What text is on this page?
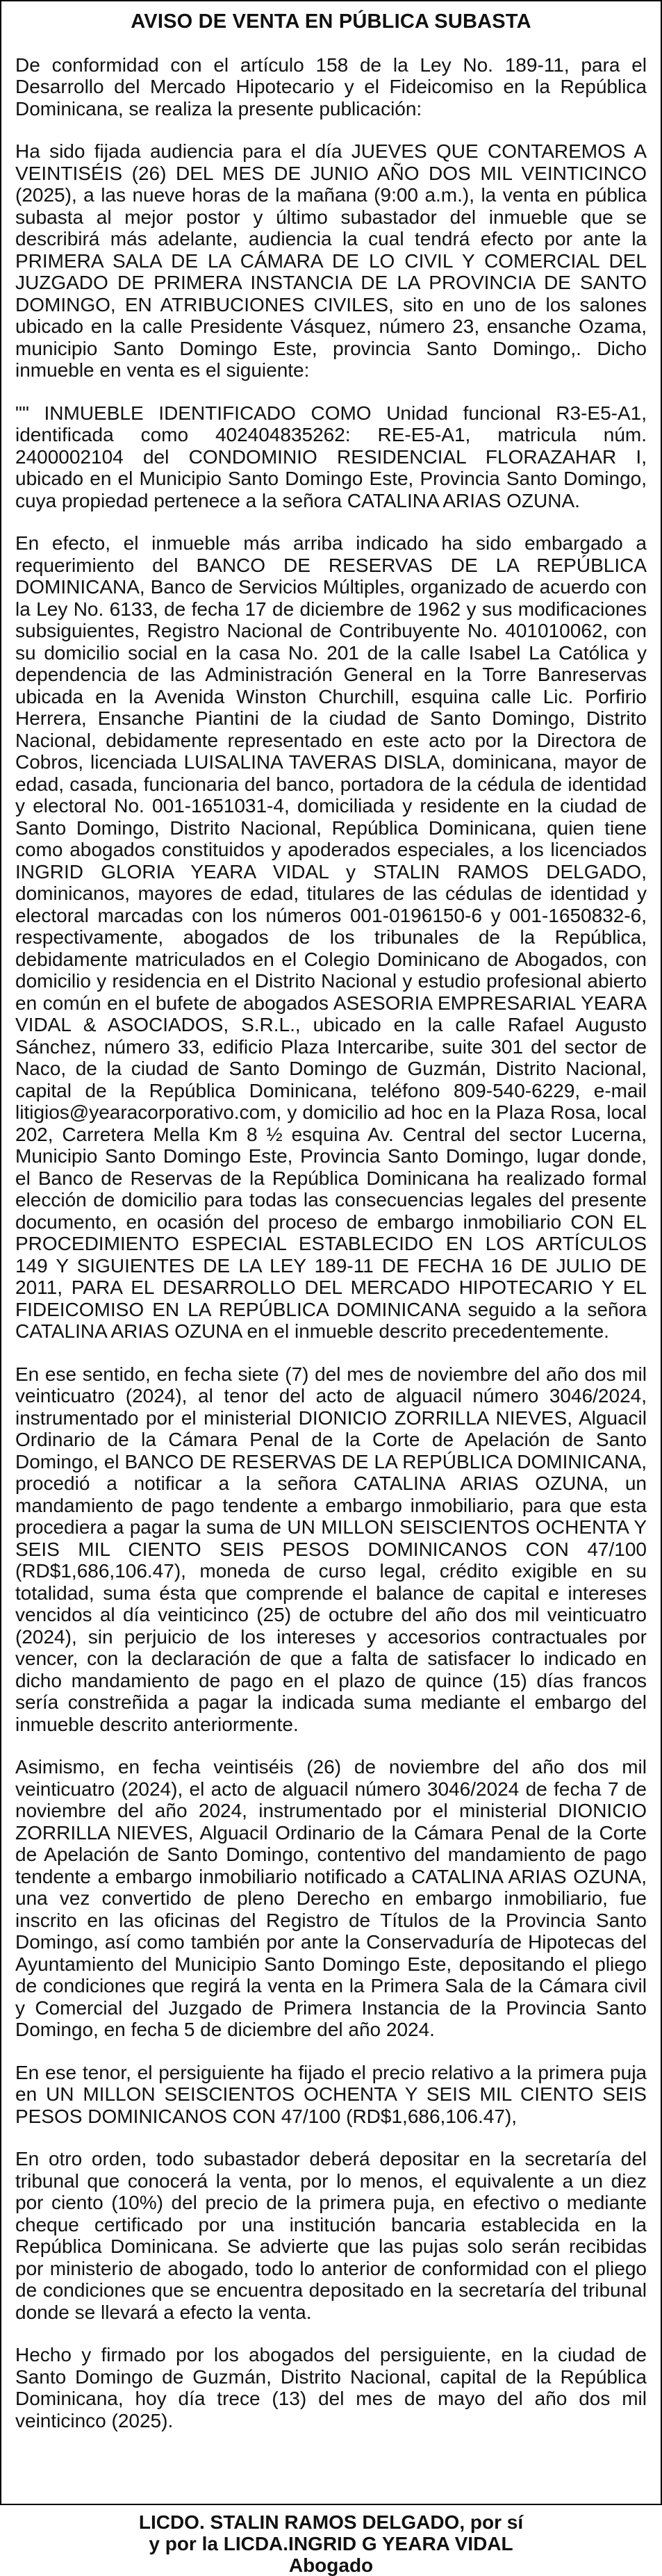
AVISO DE VENTA EN PÚBLICA SUBASTA
De conformidad con el artículo 158 de la Ley No. 189-11, para el Desarrollo del Mercado Hipotecario y el Fideicomiso en la República Dominicana, se realiza la presente publicación:
Ha sido fijada audiencia para el día JUEVES QUE CONTAREMOS A VEINTISÉIS (26) DEL MES DE JUNIO AÑO DOS MIL VEINTICINCO (2025), a las nueve horas de la mañana (9:00 a.m.), la venta en pública subasta al mejor postor y último subastador del inmueble que se describirá más adelante, audiencia la cual tendrá efecto por ante la PRIMERA SALA DE LA CÁMARA DE LO CIVIL Y COMERCIAL DEL JUZGADO DE PRIMERA INSTANCIA DE LA PROVINCIA DE SANTO DOMINGO, EN ATRIBUCIONES CIVILES, sito en uno de los salones ubicado en la calle Presidente Vásquez, número 23, ensanche Ozama, municipio Santo Domingo Este, provincia Santo Domingo,. Dicho inmueble en venta es el siguiente:
"" INMUEBLE IDENTIFICADO COMO Unidad funcional R3-E5-A1, identificada como 402404835262: RE-E5-A1, matricula núm. 2400002104 del CONDOMINIO RESIDENCIAL FLORAZAHAR I, ubicado en el Municipio Santo Domingo Este, Provincia Santo Domingo, cuya propiedad pertenece a la señora CATALINA ARIAS OZUNA.
En efecto, el inmueble más arriba indicado ha sido embargado a requerimiento del BANCO DE RESERVAS DE LA REPÚBLICA DOMINICANA, Banco de Servicios Múltiples, organizado de acuerdo con la Ley No. 6133, de fecha 17 de diciembre de 1962 y sus modificaciones subsiguientes, Registro Nacional de Contribuyente No. 401010062, con su domicilio social en la casa No. 201 de la calle Isabel La Católica y dependencia de las Administración General en la Torre Banreservas ubicada en la Avenida Winston Churchill, esquina calle Lic. Porfirio Herrera, Ensanche Piantini de la ciudad de Santo Domingo, Distrito Nacional, debidamente representado en este acto por la Directora de Cobros, licenciada LUISALINA TAVERAS DISLA, dominicana, mayor de edad, casada, funcionaria del banco, portadora de la cédula de identidad y electoral No. 001-1651031-4, domiciliada y residente en la ciudad de Santo Domingo, Distrito Nacional, República Dominicana, quien tiene como abogados constituidos y apoderados especiales, a los licenciados INGRID GLORIA YEARA VIDAL y STALIN RAMOS DELGADO, dominicanos, mayores de edad, titulares de las cédulas de identidad y electoral marcadas con los números 001-0196150-6 y 001-1650832-6, respectivamente, abogados de los tribunales de la República, debidamente matriculados en el Colegio Dominicano de Abogados, con domicilio y residencia en el Distrito Nacional y estudio profesional abierto en común en el bufete de abogados ASESORIA EMPRESARIAL YEARA VIDAL & ASOCIADOS, S.R.L., ubicado en la calle Rafael Augusto Sánchez, número 33, edificio Plaza Intercaribe, suite 301 del sector de Naco, de la ciudad de Santo Domingo de Guzmán, Distrito Nacional, capital de la República Dominicana, teléfono 809-540-6229, e-mail litigios@yearacorporativo.com, y domicilio ad hoc en la Plaza Rosa, local 202, Carretera Mella Km 8 ½ esquina Av. Central del sector Lucerna, Municipio Santo Domingo Este, Provincia Santo Domingo, lugar donde, el Banco de Reservas de la República Dominicana ha realizado formal elección de domicilio para todas las consecuencias legales del presente documento, en ocasión del proceso de embargo inmobiliario CON EL PROCEDIMIENTO ESPECIAL ESTABLECIDO EN LOS ARTÍCULOS 149 Y SIGUIENTES DE LA LEY 189-11 DE FECHA 16 DE JULIO DE 2011, PARA EL DESARROLLO DEL MERCADO HIPOTECARIO Y EL FIDEICOMISO EN LA REPÚBLICA DOMINICANA seguido a la señora CATALINA ARIAS OZUNA en el inmueble descrito precedentemente.
En ese sentido, en fecha siete (7) del mes de noviembre del año dos mil veinticuatro (2024), al tenor del acto de alguacil número 3046/2024, instrumentado por el ministerial DIONICIO ZORRILLA NIEVES, Alguacil Ordinario de la Cámara Penal de la Corte de Apelación de Santo Domingo, el BANCO DE RESERVAS DE LA REPÚBLICA DOMINICANA, procedió a notificar a la señora CATALINA ARIAS OZUNA, un mandamiento de pago tendente a embargo inmobiliario, para que esta procediera a pagar la suma de UN MILLON SEISCIENTOS OCHENTA Y SEIS MIL CIENTO SEIS PESOS DOMINICANOS CON 47/100 (RD$1,686,106.47), moneda de curso legal, crédito exigible en su totalidad, suma ésta que comprende el balance de capital e intereses vencidos al día veinticinco (25) de octubre del año dos mil veinticuatro (2024), sin perjuicio de los intereses y accesorios contractuales por vencer, con la declaración de que a falta de satisfacer lo indicado en dicho mandamiento de pago en el plazo de quince (15) días francos sería constreñida a pagar la indicada suma mediante el embargo del inmueble descrito anteriormente.
Asimismo, en fecha veintiséis (26) de noviembre del año dos mil veinticuatro (2024), el acto de alguacil número 3046/2024 de fecha 7 de noviembre del año 2024, instrumentado por el ministerial DIONICIO ZORRILLA NIEVES, Alguacil Ordinario de la Cámara Penal de la Corte de Apelación de Santo Domingo, contentivo del mandamiento de pago tendente a embargo inmobiliario notificado a CATALINA ARIAS OZUNA, una vez convertido de pleno Derecho en embargo inmobiliario, fue inscrito en las oficinas del Registro de Títulos de la Provincia Santo Domingo, así como también por ante la Conservaduría de Hipotecas del Ayuntamiento del Municipio Santo Domingo Este, depositando el pliego de condiciones que regirá la venta en la Primera Sala de la Cámara civil y Comercial del Juzgado de Primera Instancia de la Provincia Santo Domingo, en fecha 5 de diciembre del año 2024.
En ese tenor, el persiguiente ha fijado el precio relativo a la primera puja en UN MILLON SEISCIENTOS OCHENTA Y SEIS MIL CIENTO SEIS PESOS DOMINICANOS CON 47/100 (RD$1,686,106.47),
En otro orden, todo subastador deberá depositar en la secretaría del tribunal que conocerá la venta, por lo menos, el equivalente a un diez por ciento (10%) del precio de la primera puja, en efectivo o mediante cheque certificado por una institución bancaria establecida en la República Dominicana. Se advierte que las pujas solo serán recibidas por ministerio de abogado, todo lo anterior de conformidad con el pliego de condiciones que se encuentra depositado en la secretaría del tribunal donde se llevará a efecto la venta.
Hecho y firmado por los abogados del persiguiente, en la ciudad de Santo Domingo de Guzmán, Distrito Nacional, capital de la República Dominicana, hoy día trece (13) del mes de mayo del año dos mil veinticinco (2025).
LICDO. STALIN RAMOS DELGADO, por sí
y por la LICDA.INGRID G YEARA VIDAL
Abogado
